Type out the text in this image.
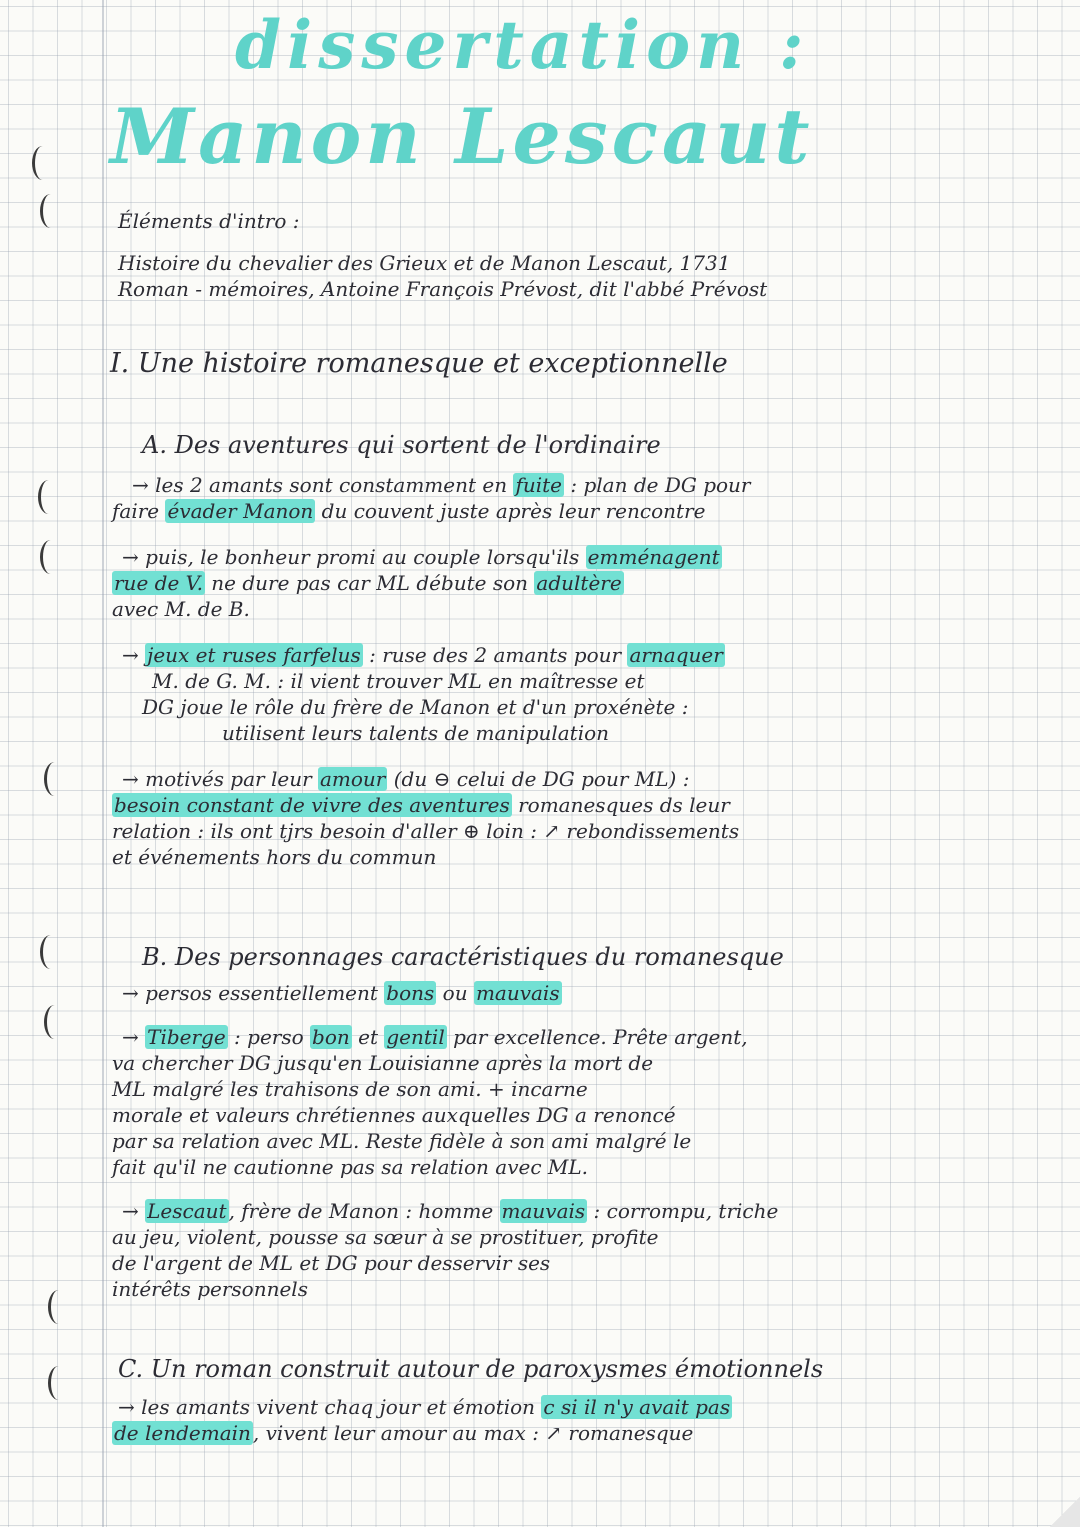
dissertation :
Manon Lescaut
Éléments d'intro :
Histoire du chevalier des Grieux et de Manon Lescaut, 1731
Roman - mémoires, Antoine François Prévost, dit l'abbé Prévost
I. Une histoire romanesque et exceptionnelle
A. Des aventures qui sortent de l'ordinaire
→ les 2 amants sont constamment en fuite : plan de DG pour
faire évader Manon du couvent juste après leur rencontre
→ puis, le bonheur promi au couple lorsqu'ils emménagent
rue de V. ne dure pas car ML débute son adultère
avec M. de B.
→ jeux et ruses farfelus : ruse des 2 amants pour arnaquer
M. de G. M. : il vient trouver ML en maîtresse et
DG joue le rôle du frère de Manon et d'un proxénète :
utilisent leurs talents de manipulation
→ motivés par leur amour (du ⊖ celui de DG pour ML) :
besoin constant de vivre des aventures romanesques ds leur
relation : ils ont tjrs besoin d'aller ⊕ loin : ↗ rebondissements
et événements hors du commun
B. Des personnages caractéristiques du romanesque
→ persos essentiellement bons ou mauvais
→ Tiberge : perso bon et gentil par excellence. Prête argent,
va chercher DG jusqu'en Louisianne après la mort de
ML malgré les trahisons de son ami. + incarne
morale et valeurs chrétiennes auxquelles DG a renoncé
par sa relation avec ML. Reste fidèle à son ami malgré le
fait qu'il ne cautionne pas sa relation avec ML.
→ Lescaut , frère de Manon : homme mauvais : corrompu, triche
au jeu, violent, pousse sa sœur à se prostituer, profite
de l'argent de ML et DG pour desservir ses
intérêts personnels
C. Un roman construit autour de paroxysmes émotionnels
→ les amants vivent chaq jour et émotion c si il n'y avait pas
de lendemain , vivent leur amour au max : ↗ romanesque
